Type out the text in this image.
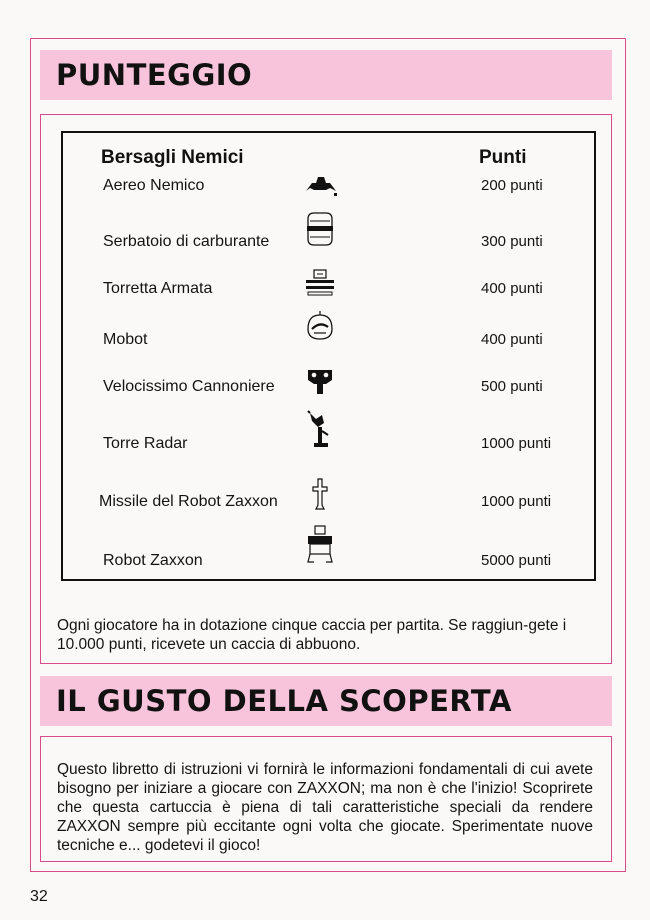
PUNTEGGIO
Bersagli Nemici	Punti
Aereo Nemico	200 punti
Serbatoio di carburante	300 punti
Torretta Armata	400 punti
Mobot	400 punti
Velocissimo Cannoniere	500 punti
Torre Radar	1000 punti
Missile del Robot Zaxxon	1000 punti
Robot Zaxxon	5000 punti
Ogni giocatore ha in dotazione cinque caccia per partita. Se raggiun-gete i 10.000 punti, ricevete un caccia di abbuono.
IL GUSTO DELLA SCOPERTA
Questo libretto di istruzioni vi fornirà le informazioni fondamentali di cui avete bisogno per iniziare a giocare con ZAXXON; ma non è che l'inizio! Scoprirete che questa cartuccia è piena di tali caratteristiche speciali da rendere ZAXXON sempre più eccitante ogni volta che giocate. Sperimentate nuove tecniche e... godetevi il gioco!
32
